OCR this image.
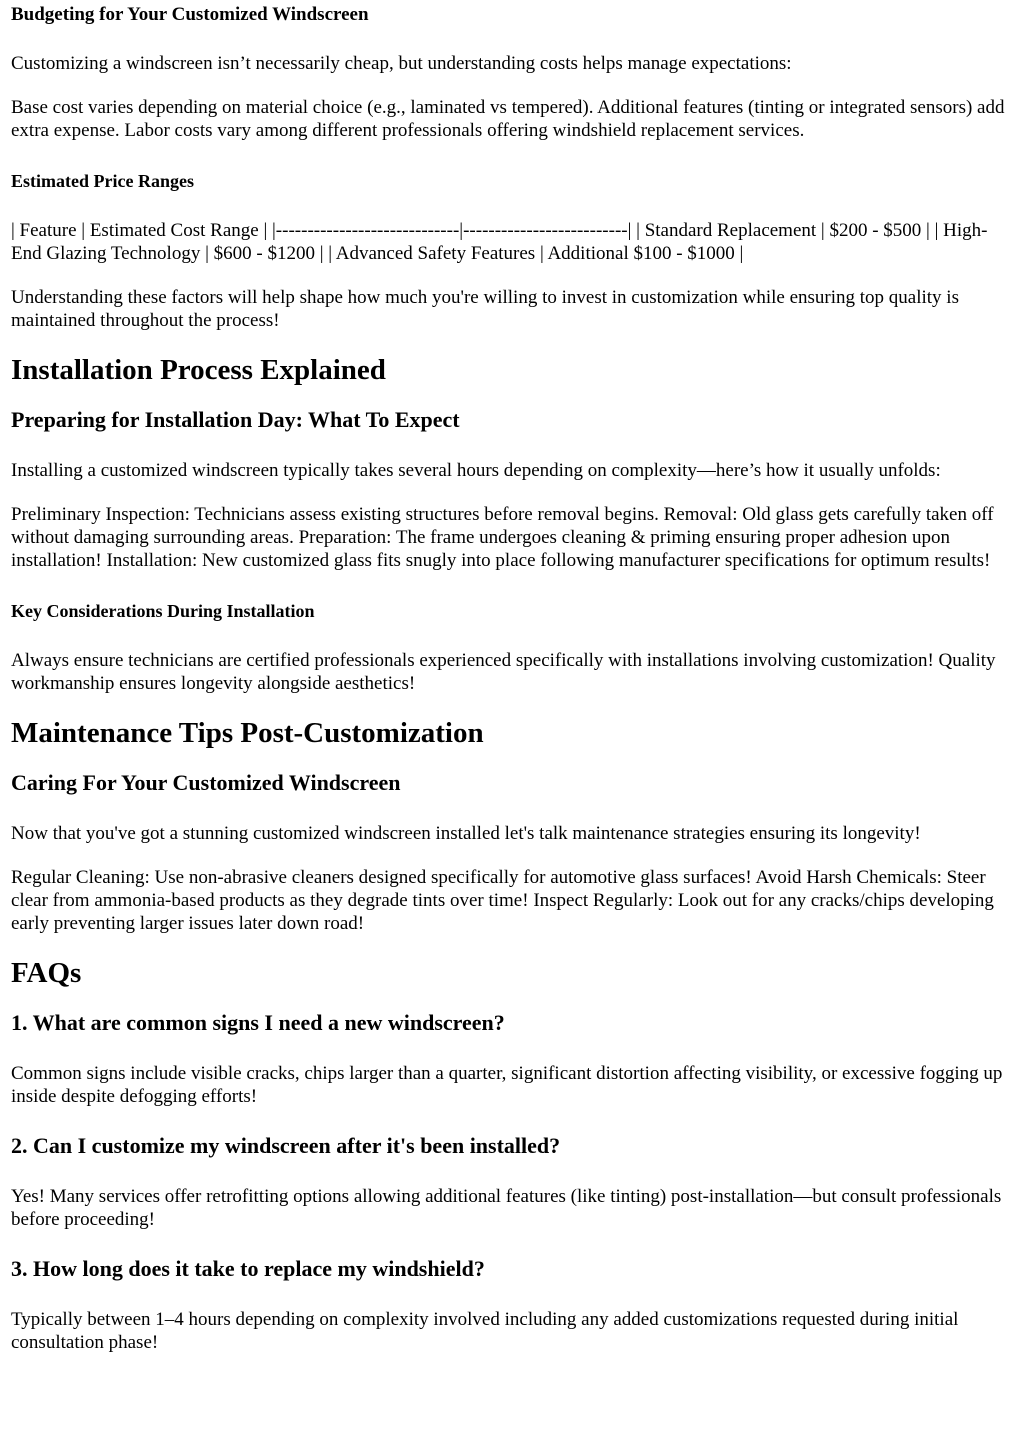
Budgeting for Your Customized Windscreen

Customizing a windscreen isn’t necessarily cheap, but understanding costs helps manage expectations:

Base cost varies depending on material choice (e.g., laminated vs tempered). Additional features (tinting or integrated sensors) add extra expense. Labor costs vary among different professionals offering windshield replacement services.

Estimated Price Ranges

| Feature | Estimated Cost Range | |-----------------------------|--------------------------| | Standard Replacement | $200 - $500 | | High-End Glazing Technology | $600 - $1200 | | Advanced Safety Features | Additional $100 - $1000 |

Understanding these factors will help shape how much you're willing to invest in customization while ensuring top quality is maintained throughout the process!

Installation Process Explained
Preparing for Installation Day: What To Expect

Installing a customized windscreen typically takes several hours depending on complexity—here’s how it usually unfolds:

Preliminary Inspection: Technicians assess existing structures before removal begins. Removal: Old glass gets carefully taken off without damaging surrounding areas. Preparation: The frame undergoes cleaning & priming ensuring proper adhesion upon installation! Installation: New customized glass fits snugly into place following manufacturer specifications for optimum results!

Key Considerations During Installation

Always ensure technicians are certified professionals experienced specifically with installations involving customization! Quality workmanship ensures longevity alongside aesthetics!

Maintenance Tips Post-Customization
Caring For Your Customized Windscreen

Now that you've got a stunning customized windscreen installed let's talk maintenance strategies ensuring its longevity!

Regular Cleaning: Use non-abrasive cleaners designed specifically for automotive glass surfaces! Avoid Harsh Chemicals: Steer clear from ammonia-based products as they degrade tints over time! Inspect Regularly: Look out for any cracks/chips developing early preventing larger issues later down road!

FAQs
1. What are common signs I need a new windscreen?

Common signs include visible cracks, chips larger than a quarter, significant distortion affecting visibility, or excessive fogging up inside despite defogging efforts!

2. Can I customize my windscreen after it's been installed?

Yes! Many services offer retrofitting options allowing additional features (like tinting) post-installation—but consult professionals before proceeding!

3. How long does it take to replace my windshield?

Typically between 1–4 hours depending on complexity involved including any added customizations requested during initial consultation phase!
